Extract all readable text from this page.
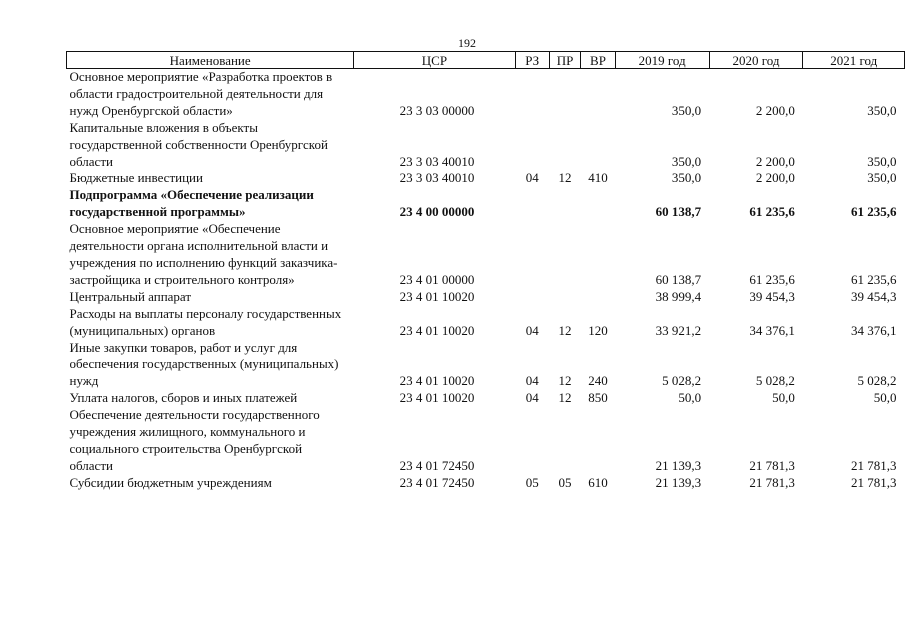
192
Наименование	ЦСР	РЗ	ПР	ВР	2019 год	2020 год	2021 год
Основное мероприятие «Разработка проектов в области градостроительной деятельности для нужд Оренбургской области»	23 3 03 00000				350,0	2 200,0	350,0
Капитальные вложения в объекты государственной собственности Оренбургской области	23 3 03 40010				350,0	2 200,0	350,0
Бюджетные инвестиции	23 3 03 40010	04	12	410	350,0	2 200,0	350,0
Подпрограмма «Обеспечение реализации государственной программы»	23 4 00 00000				60 138,7	61 235,6	61 235,6
Основное мероприятие «Обеспечение деятельности органа исполнительной власти и учреждения по исполнению функций заказчика-застройщика и строительного контроля»	23 4 01 00000				60 138,7	61 235,6	61 235,6
Центральный аппарат	23 4 01 10020				38 999,4	39 454,3	39 454,3
Расходы на выплаты персоналу государственных (муниципальных) органов	23 4 01 10020	04	12	120	33 921,2	34 376,1	34 376,1
Иные закупки товаров, работ и услуг для обеспечения государственных (муниципальных) нужд	23 4 01 10020	04	12	240	5 028,2	5 028,2	5 028,2
Уплата налогов, сборов и иных платежей	23 4 01 10020	04	12	850	50,0	50,0	50,0
Обеспечение деятельности государственного учреждения жилищного, коммунального и социального строительства Оренбургской области	23 4 01 72450				21 139,3	21 781,3	21 781,3
Субсидии бюджетным учреждениям	23 4 01 72450	05	05	610	21 139,3	21 781,3	21 781,3
